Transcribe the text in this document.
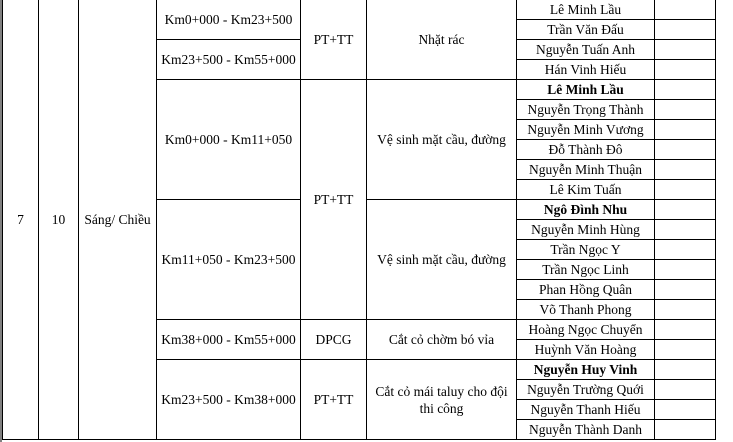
7	10	Sáng/ Chiều	Km0+000 - Km23+500	PT+TT	Nhặt rác	Lê Minh Lầu	
						Trần Văn Đấu	
			Km23+500 - Km55+000			Nguyễn Tuấn Anh	
						Hán Vinh Hiếu	
			Km0+000 - Km11+050	PT+TT	Vệ sinh mặt cầu, đường	Lê Minh Lầu	
						Nguyễn Trọng Thành	
						Nguyễn Minh Vương	
						Đỗ Thành Đô	
						Nguyễn Minh Thuận	
						Lê Kim Tuấn	
			Km11+050 - Km23+500		Vệ sinh mặt cầu, đường	Ngô Đình Nhu	
						Nguyễn Minh Hùng	
						Trần Ngọc Y	
						Trần Ngọc Linh	
						Phan Hồng Quân	
						Võ Thanh Phong	
			Km38+000 - Km55+000	DPCG	Cắt cỏ chờm bó vỉa	Hoàng Ngọc Chuyển	
						Huỳnh Văn Hoàng	
			Km23+500 - Km38+000	PT+TT	Cắt cỏ mái taluy cho đội thi công	Nguyễn Huy Vinh	
						Nguyễn Trường Quới	
						Nguyễn Thanh Hiếu	
						Nguyễn Thành Danh	
